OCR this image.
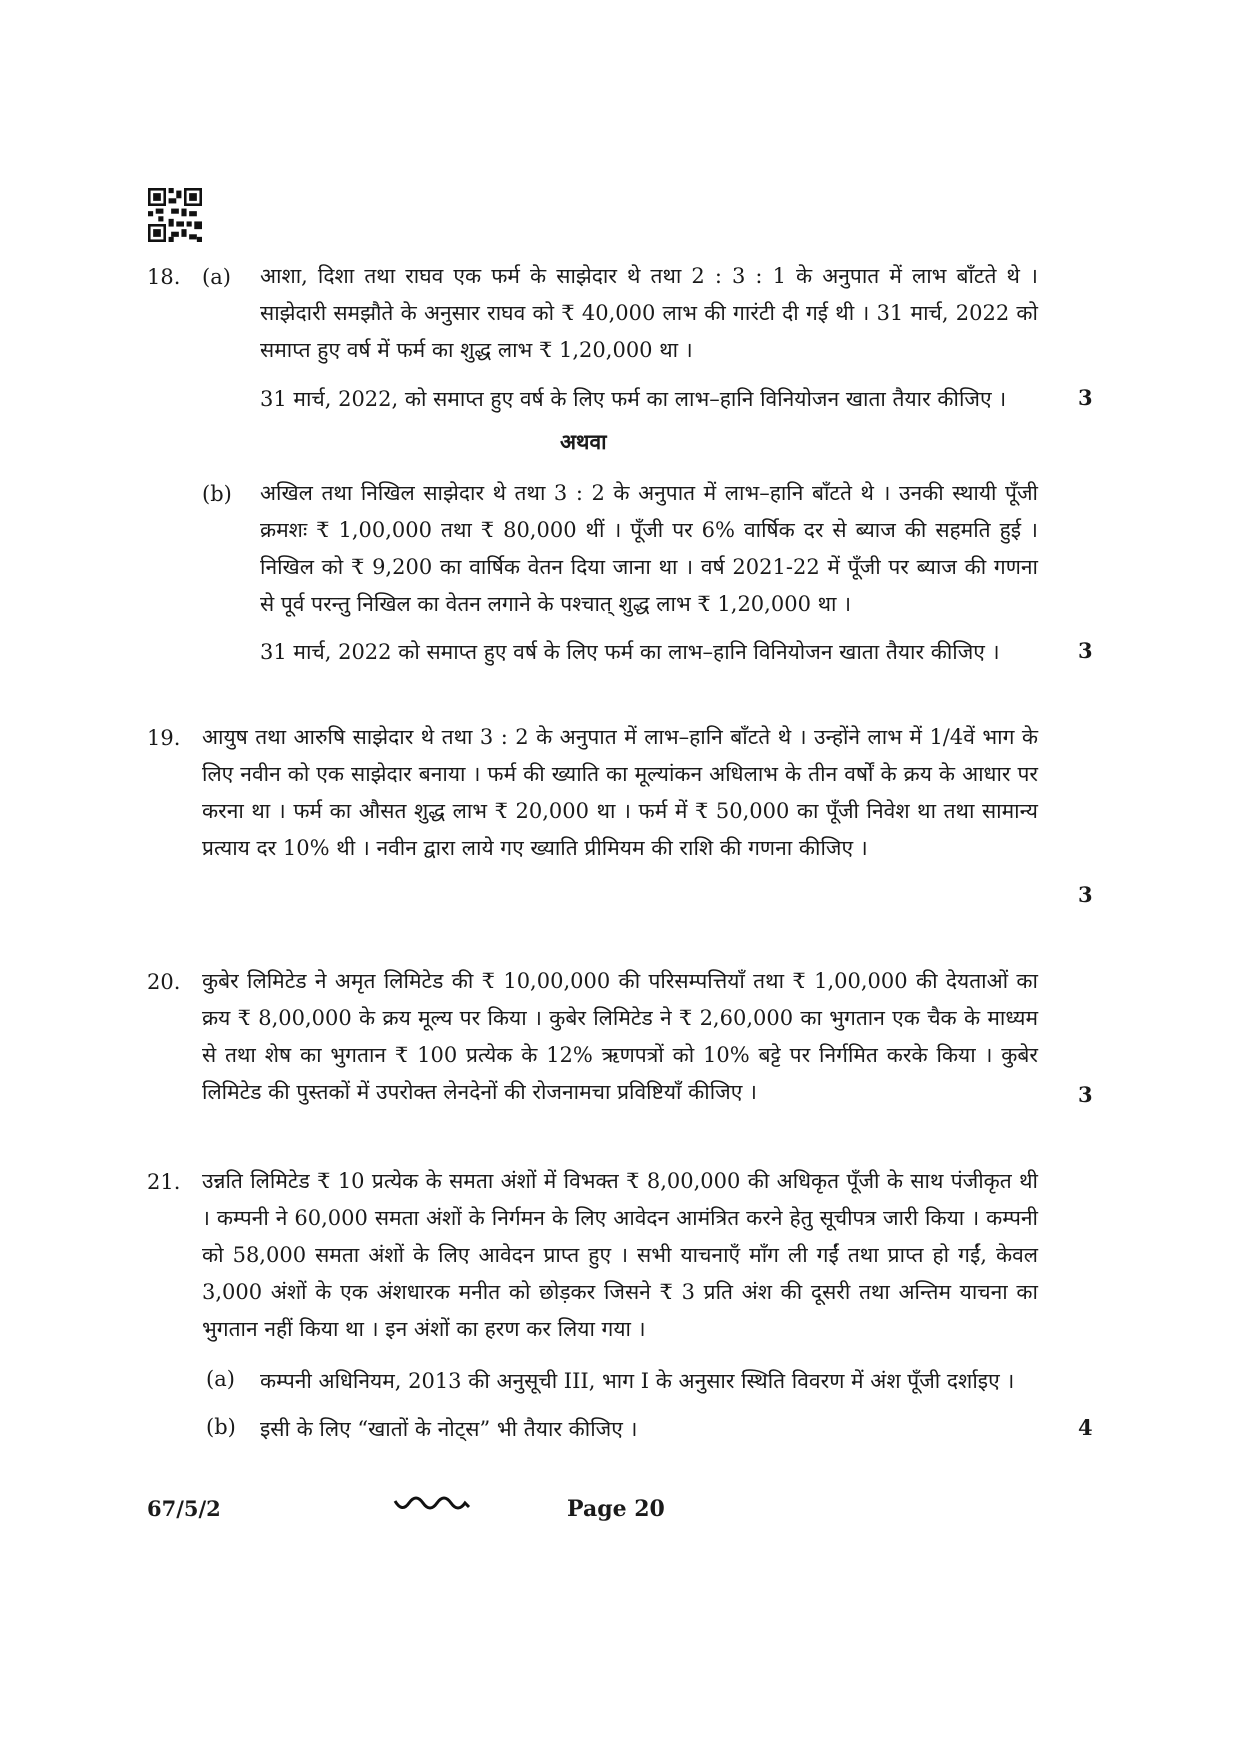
18. (a) आशा, दिशा तथा राघव एक फर्म के साझेदार थे तथा 2 : 3 : 1 के अनुपात में लाभ बाँटते थे । साझेदारी समझौते के अनुसार राघव को ₹ 40,000 लाभ की गारंटी दी गई थी । 31 मार्च, 2022 को समाप्त हुए वर्ष में फर्म का शुद्ध लाभ ₹ 1,20,000 था ।

31 मार्च, 2022, को समाप्त हुए वर्ष के लिए फर्म का लाभ–हानि विनियोजन खाता तैयार कीजिए ।	3
अथवा
(b) अखिल तथा निखिल साझेदार थे तथा 3 : 2 के अनुपात में लाभ–हानि बाँटते थे । उनकी स्थायी पूँजी क्रमशः ₹ 1,00,000 तथा ₹ 80,000 थीं । पूँजी पर 6% वार्षिक दर से ब्याज की सहमति हुई । निखिल को ₹ 9,200 का वार्षिक वेतन दिया जाना था । वर्ष 2021-22 में पूँजी पर ब्याज की गणना से पूर्व परन्तु निखिल का वेतन लगाने के पश्चात् शुद्ध लाभ ₹ 1,20,000 था ।

31 मार्च, 2022 को समाप्त हुए वर्ष के लिए फर्म का लाभ–हानि विनियोजन खाता तैयार कीजिए ।	3
19. आयुष तथा आरुषि साझेदार थे तथा 3 : 2 के अनुपात में लाभ–हानि बाँटते थे । उन्होंने लाभ में 1/4वें भाग के लिए नवीन को एक साझेदार बनाया । फर्म की ख्याति का मूल्यांकन अधिलाभ के तीन वर्षों के क्रय के आधार पर करना था । फर्म का औसत शुद्ध लाभ ₹ 20,000 था । फर्म में ₹ 50,000 का पूँजी निवेश था तथा सामान्य प्रत्याय दर 10% थी । नवीन द्वारा लाये गए ख्याति प्रीमियम की राशि की गणना कीजिए ।

3
20. कुबेर लिमिटेड ने अमृत लिमिटेड की ₹ 10,00,000 की परिसम्पत्तियाँ तथा ₹ 1,00,000 की देयताओं का क्रय ₹ 8,00,000 के क्रय मूल्य पर किया । कुबेर लिमिटेड ने ₹ 2,60,000 का भुगतान एक चैक के माध्यम से तथा शेष का भुगतान ₹ 100 प्रत्येक के 12% ऋणपत्रों को 10% बट्टे पर निर्गमित करके किया । कुबेर लिमिटेड की पुस्तकों में उपरोक्त लेनदेनों की रोजनामचा प्रविष्टियाँ कीजिए ।	3
21. उन्नति लिमिटेड ₹ 10 प्रत्येक के समता अंशों में विभक्त ₹ 8,00,000 की अधिकृत पूँजी के साथ पंजीकृत थी । कम्पनी ने 60,000 समता अंशों के निर्गमन के लिए आवेदन आमंत्रित करने हेतु सूचीपत्र जारी किया । कम्पनी को 58,000 समता अंशों के लिए आवेदन प्राप्त हुए । सभी याचनाएँ माँग ली गईं तथा प्राप्त हो गईं, केवल 3,000 अंशों के एक अंशधारक मनीत को छोड़कर जिसने ₹ 3 प्रति अंश की दूसरी तथा अन्तिम याचना का भुगतान नहीं किया था । इन अंशों का हरण कर लिया गया ।

(a) कम्पनी अधिनियम, 2013 की अनुसूची III, भाग I के अनुसार स्थिति विवरण में अंश पूँजी दर्शाइए ।

(b) इसी के लिए “खातों के नोट्स” भी तैयार कीजिए ।	4
67/5/2	Page 20
